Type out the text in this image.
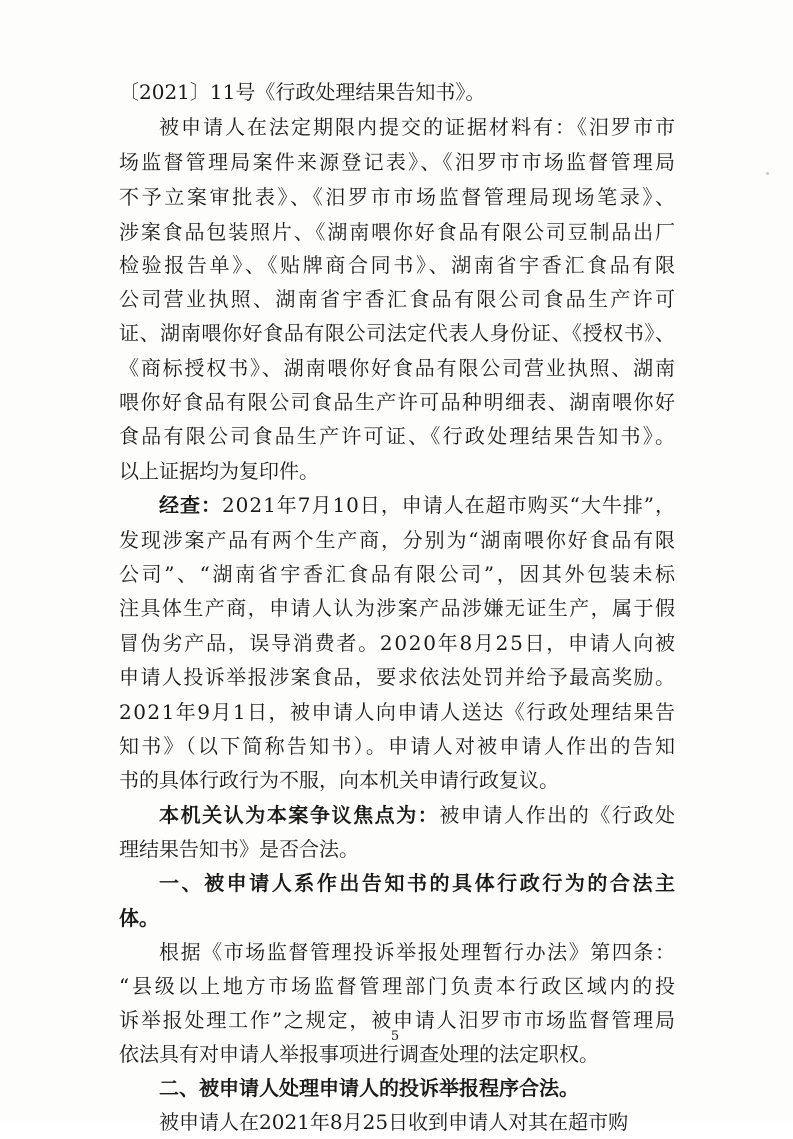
〔2021〕11号《行政处理结果告知书》。
被申请人在法定期限内提交的证据材料有：《汨罗市市
场监督管理局案件来源登记表》、《汨罗市市场监督管理局
不予立案审批表》、《汨罗市市场监督管理局现场笔录》、
涉案食品包装照片、《湖南喂你好食品有限公司豆制品出厂
检验报告单》、《贴牌商合同书》、湖南省宇香汇食品有限
公司营业执照、湖南省宇香汇食品有限公司食品生产许可
证、湖南喂你好食品有限公司法定代表人身份证、《授权书》、
《商标授权书》、湖南喂你好食品有限公司营业执照、湖南
喂你好食品有限公司食品生产许可品种明细表、湖南喂你好
食品有限公司食品生产许可证、《行政处理结果告知书》。
以上证据均为复印件。
经查：2021年7月10日，申请人在超市购买“大牛排”，
发现涉案产品有两个生产商，分别为“湖南喂你好食品有限
公司”、“湖南省宇香汇食品有限公司”，因其外包装未标
注具体生产商，申请人认为涉案产品涉嫌无证生产，属于假
冒伪劣产品，误导消费者。2020年8月25日，申请人向被
申请人投诉举报涉案食品，要求依法处罚并给予最高奖励。
2021年9月1日，被申请人向申请人送达《行政处理结果告
知书》（以下简称告知书）。申请人对被申请人作出的告知
书的具体行政行为不服，向本机关申请行政复议。
本机关认为本案争议焦点为：被申请人作出的《行政处
理结果告知书》是否合法。
一、被申请人系作出告知书的具体行政行为的合法主
体。
根据《市场监督管理投诉举报处理暂行办法》第四条：
“县级以上地方市场监督管理部门负责本行政区域内的投
诉举报处理工作”之规定，被申请人汨罗市市场监督管理局
依法具有对申请人举报事项进行调查处理的法定职权。
二、被申请人处理申请人的投诉举报程序合法。
被申请人在2021年8月25日收到申请人对其在超市购
5
